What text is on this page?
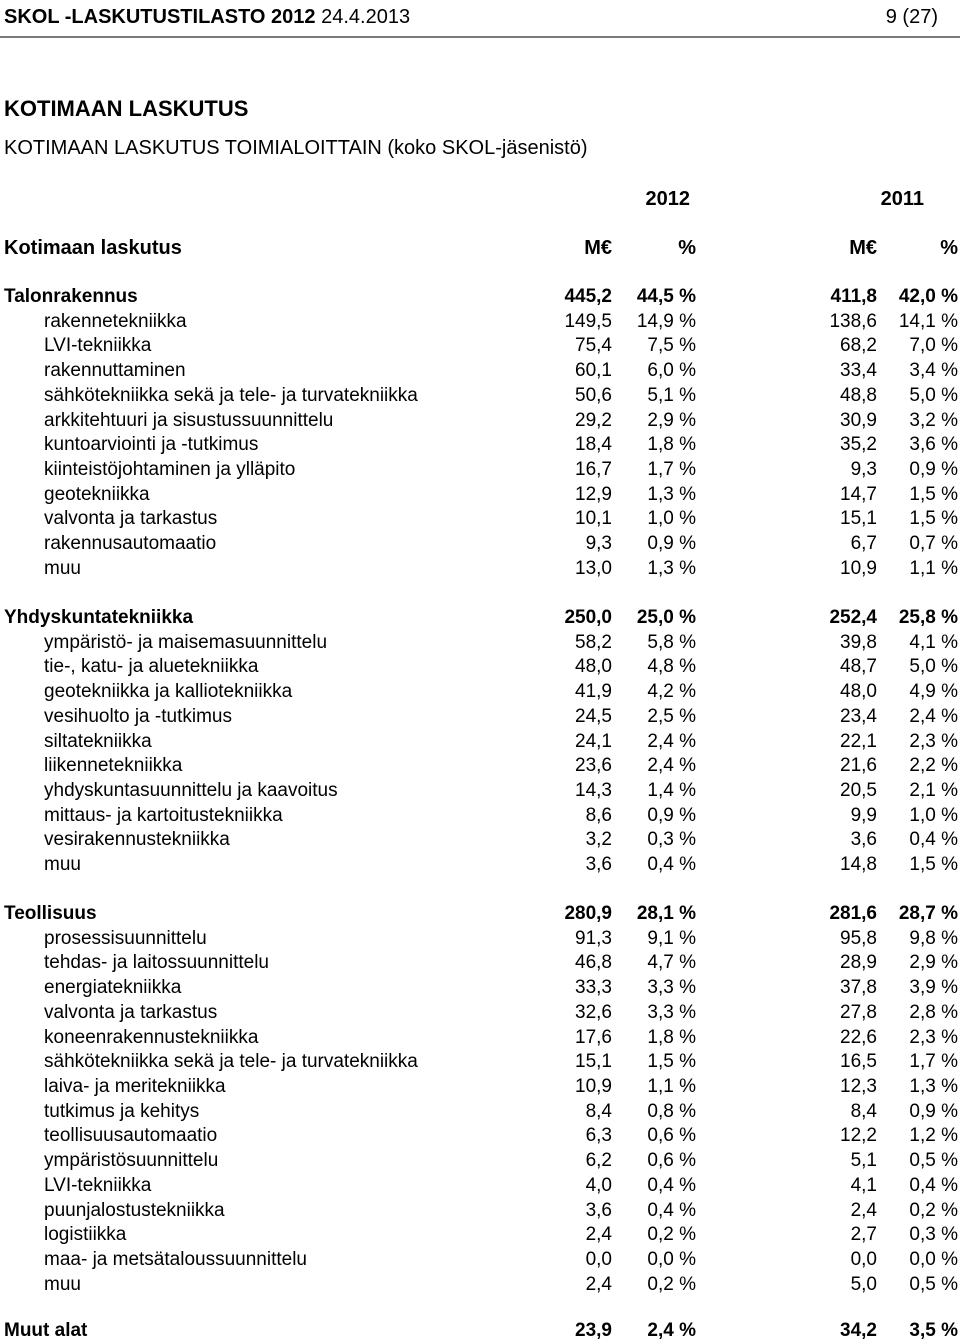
SKOL -LASKUTUSTILASTO 2012 24.4.2013	9 (27)
KOTIMAAN LASKUTUS
KOTIMAAN LASKUTUS TOIMIALOITTAIN (koko SKOL-jäsenistö)
2012	2011
Kotimaan laskutus	M€	%	M€	%
Talonrakennus	445,2 44,5 %	411,8 42,0 %
rakennetekniikka	149,5 14,9 %	138,6 14,1 %
LVI-tekniikka	75,4 7,5 %	68,2 7,0 %
rakennuttaminen	60,1 6,0 %	33,4 3,4 %
sähkötekniikka sekä ja tele- ja turvatekniikka	50,6 5,1 %	48,8 5,0 %
arkkitehtuuri ja sisustussuunnittelu	29,2 2,9 %	30,9 3,2 %
kuntoarviointi ja -tutkimus	18,4 1,8 %	35,2 3,6 %
kiinteistöjohtaminen ja ylläpito	16,7 1,7 %	9,3 0,9 %
geotekniikka	12,9 1,3 %	14,7 1,5 %
valvonta ja tarkastus	10,1 1,0 %	15,1 1,5 %
rakennusautomaatio	9,3 0,9 %	6,7 0,7 %
muu	13,0 1,3 %	10,9 1,1 %
Yhdyskuntatekniikka	250,0 25,0 %	252,4 25,8 %
ympäristö- ja maisemasuunnittelu	58,2 5,8 %	39,8 4,1 %
tie-, katu- ja aluetekniikka	48,0 4,8 %	48,7 5,0 %
geotekniikka ja kalliotekniikka	41,9 4,2 %	48,0 4,9 %
vesihuolto ja -tutkimus	24,5 2,5 %	23,4 2,4 %
siltatekniikka	24,1 2,4 %	22,1 2,3 %
liikennetekniikka	23,6 2,4 %	21,6 2,2 %
yhdyskuntasuunnittelu ja kaavoitus	14,3 1,4 %	20,5 2,1 %
mittaus- ja kartoitustekniikka	8,6 0,9 %	9,9 1,0 %
vesirakennustekniikka	3,2 0,3 %	3,6 0,4 %
muu	3,6 0,4 %	14,8 1,5 %
Teollisuus	280,9 28,1 %	281,6 28,7 %
prosessisuunnittelu	91,3 9,1 %	95,8 9,8 %
tehdas- ja laitossuunnittelu	46,8 4,7 %	28,9 2,9 %
energiatekniikka	33,3 3,3 %	37,8 3,9 %
valvonta ja tarkastus	32,6 3,3 %	27,8 2,8 %
koneenrakennustekniikka	17,6 1,8 %	22,6 2,3 %
sähkötekniikka sekä ja tele- ja turvatekniikka	15,1 1,5 %	16,5 1,7 %
laiva- ja meritekniikka	10,9 1,1 %	12,3 1,3 %
tutkimus ja kehitys	8,4 0,8 %	8,4 0,9 %
teollisuusautomaatio	6,3 0,6 %	12,2 1,2 %
ympäristösuunnittelu	6,2 0,6 %	5,1 0,5 %
LVI-tekniikka	4,0 0,4 %	4,1 0,4 %
puunjalostustekniikka	3,6 0,4 %	2,4 0,2 %
logistiikka	2,4 0,2 %	2,7 0,3 %
maa- ja metsätaloussuunnittelu	0,0 0,0 %	0,0 0,0 %
muu	2,4 0,2 %	5,0 0,5 %
Muut alat	23,9 2,4 %	34,2 3,5 %
